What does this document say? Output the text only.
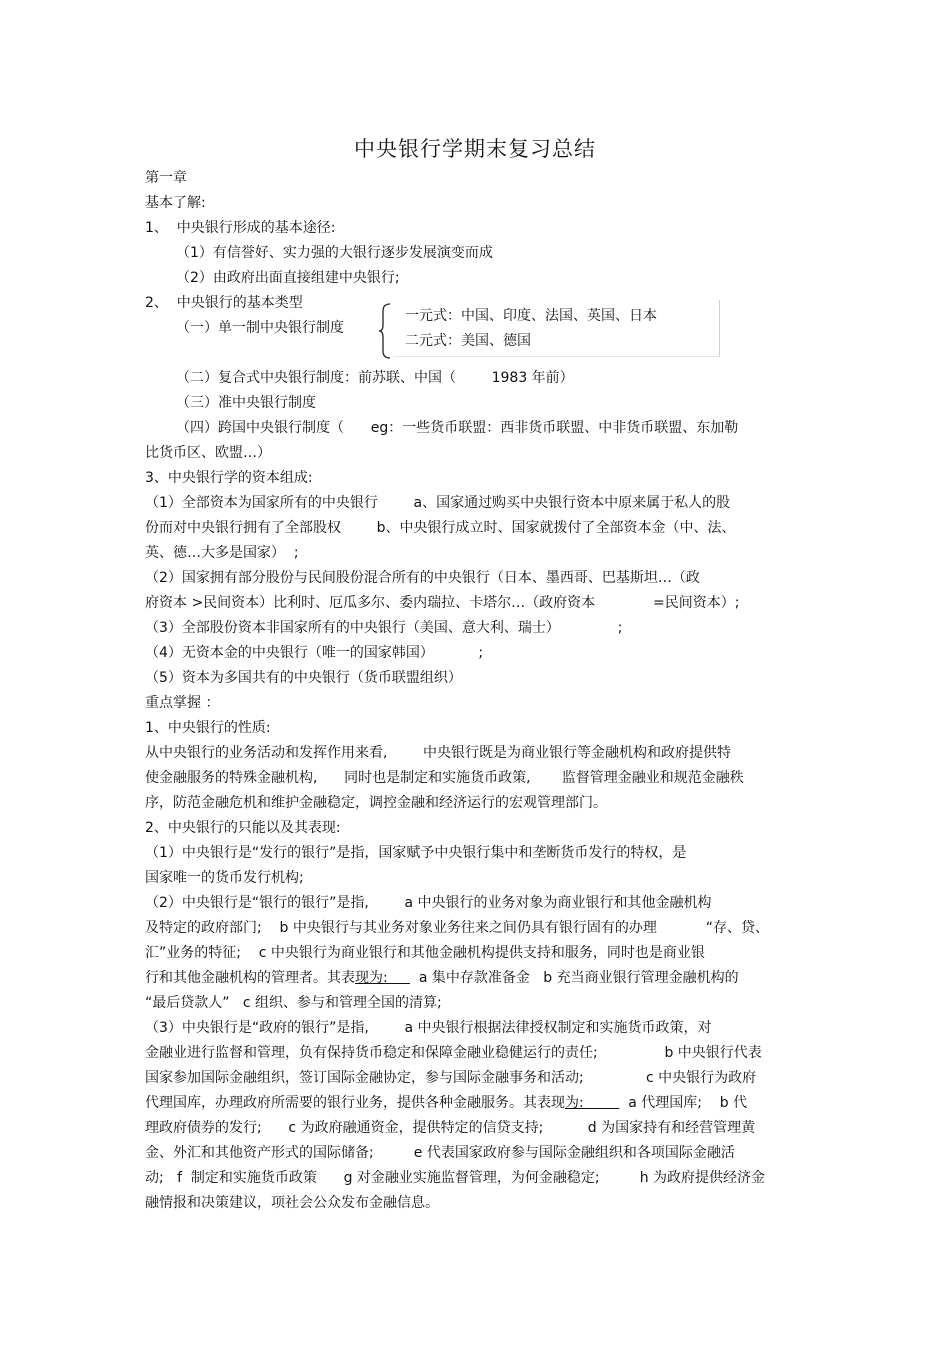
中央银行学期末复习总结
第一章
基本了解:
1、  中央银行形成的基本途径:
（1）有信誉好、实力强的大银行逐步发展演变而成
（2）由政府出面直接组建中央银行;
2、  中央银行的基本类型
（一）单一制中央银行制度
一元式：中国、印度、法国、英国、日本
二元式：美国、德国
（二）复合式中央银行制度：前苏联、中国（        1983 年前）
（三）准中央银行制度
（四）跨国中央银行制度（      eg：一些货币联盟：西非货币联盟、中非货币联盟、东加勒
比货币区、欧盟…）
3、中央银行学的资本组成:
（1）全部资本为国家所有的中央银行        a、国家通过购买中央银行资本中原来属于私人的股
份而对中央银行拥有了全部股权        b、中央银行成立时、国家就拨付了全部资本金（中、法、
英、德…大多是国家）  ;
（2）国家拥有部分股份与民间股份混合所有的中央银行（日本、墨西哥、巴基斯坦…（政
府资本 >民间资本）比利时、厄瓜多尔、委内瑞拉、卡塔尔…（政府资本             =民间资本）;
（3）全部股份资本非国家所有的中央银行（美国、意大利、瑞士）             ;
（4）无资本金的中央银行（唯一的国家韩国）          ;
（5）资本为多国共有的中央银行（货币联盟组织）
重点掌握 ：
1、中央银行的性质:
从中央银行的业务活动和发挥作用来看,        中央银行既是为商业银行等金融机构和政府提供特
使金融服务的特殊金融机构,      同时也是制定和实施货币政策,       监督管理金融业和规范金融秩
序，防范金融危机和维护金融稳定，调控金融和经济运行的宏观管理部门。
2、中央银行的只能以及其表现:
（1）中央银行是“发行的银行”是指，国家赋予中央银行集中和垄断货币发行的特权，是
国家唯一的货币发行机构;
（2）中央银行是“银行的银行”是指,        a 中央银行的业务对象为商业银行和其他金融机构
及特定的政府部门;    b 中央银行与其业务对象业务往来之间仍具有银行固有的办理           “存、贷、
汇”业务的特征;    c 中央银行为商业银行和其他金融机构提供支持和服务，同时也是商业银
行和其他金融机构的管理者。其表现为:       a 集中存款准备金   b 充当商业银行管理金融机构的
“最后贷款人”   c 组织、参与和管理全国的清算;
（3）中央银行是“政府的银行”是指,        a 中央银行根据法律授权制定和实施货币政策，对
金融业进行监督和管理，负有保持货币稳定和保障金融业稳健运行的责任;               b 中央银行代表
国家参加国际金融组织，签订国际金融协定，参与国际金融事务和活动;              c 中央银行为政府
代理国库，办理政府所需要的银行业务，提供各种金融服务。其表现为:          a 代理国库;    b 代
理政府债券的发行;      c 为政府融通资金，提供特定的信贷支持;          d 为国家持有和经营管理黄
金、外汇和其他资产形式的国际储备;         e 代表国家政府参与国际金融组织和各项国际金融活
动;   f  制定和实施货币政策      g 对金融业实施监督管理，为何金融稳定;         h 为政府提供经济金
融情报和决策建议，项社会公众发布金融信息。
